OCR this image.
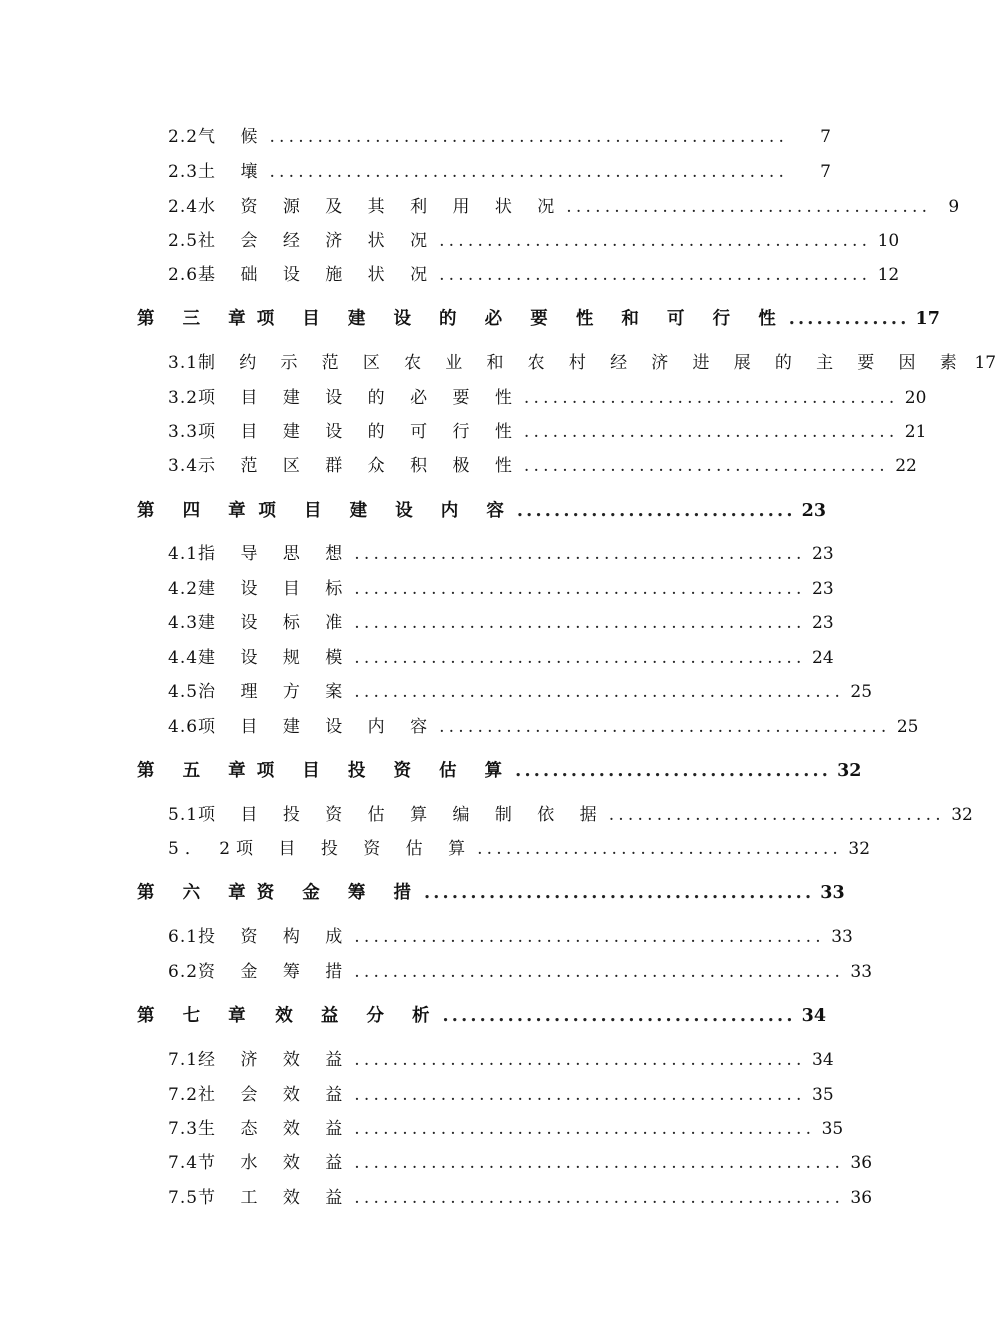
2.2 气 候 ......................................................	7
2.3 土 壤 ......................................................	7
2.4 水 资 源 及 其 利 用 状 况 ......................................	9
2.5 社 会 经 济 状 况 ............................................. 10
2.6 基 础 设 施 状 况 ............................................. 12
第 三 章 项 目 建 设 的 必 要 性 和 可 行 性 ............. 17
3.1 制 约 示 范 区 农 业 和 农 村 经 济 进 展 的 主 要 因 素 17
3.2 项 目 建 设 的 必 要 性 ....................................... 20
3.3 项 目 建 设 的 可 行 性 ....................................... 21
3.4 示 范 区 群 众 积 极 性 ...................................... 22
第 四 章 项 目 建 设 内 容 .............................. 23
4.1 指 导 思 想 ............................................... 23
4.2 建 设 目 标 ............................................... 23
4.3 建 设 标 准 ............................................... 23
4.4 建 设 规 模 ............................................... 24
4.5 治 理 方 案 ................................................... 25
4.6 项 目 建 设 内 容 ............................................... 25
第 五 章 项 目 投 资 估 算 .................................. 32
5.1 项 目 投 资 估 算 编 制 依 据 ................................... 32
5． 2 项 目 投 资 估 算 ...................................... 32
第 六 章 资 金 筹 措 .......................................... 33
6.1 投 资 构 成 ................................................. 33
6.2 资 金 筹 措 ................................................... 33
第 七 章 效 益 分 析 ...................................... 34
7.1 经 济 效 益 ............................................... 34
7.2 社 会 效 益 ............................................... 35
7.3 生 态 效 益 ................................................ 35
7.4 节 水 效 益 ................................................... 36
7.5 节 工 效 益 ................................................... 36
